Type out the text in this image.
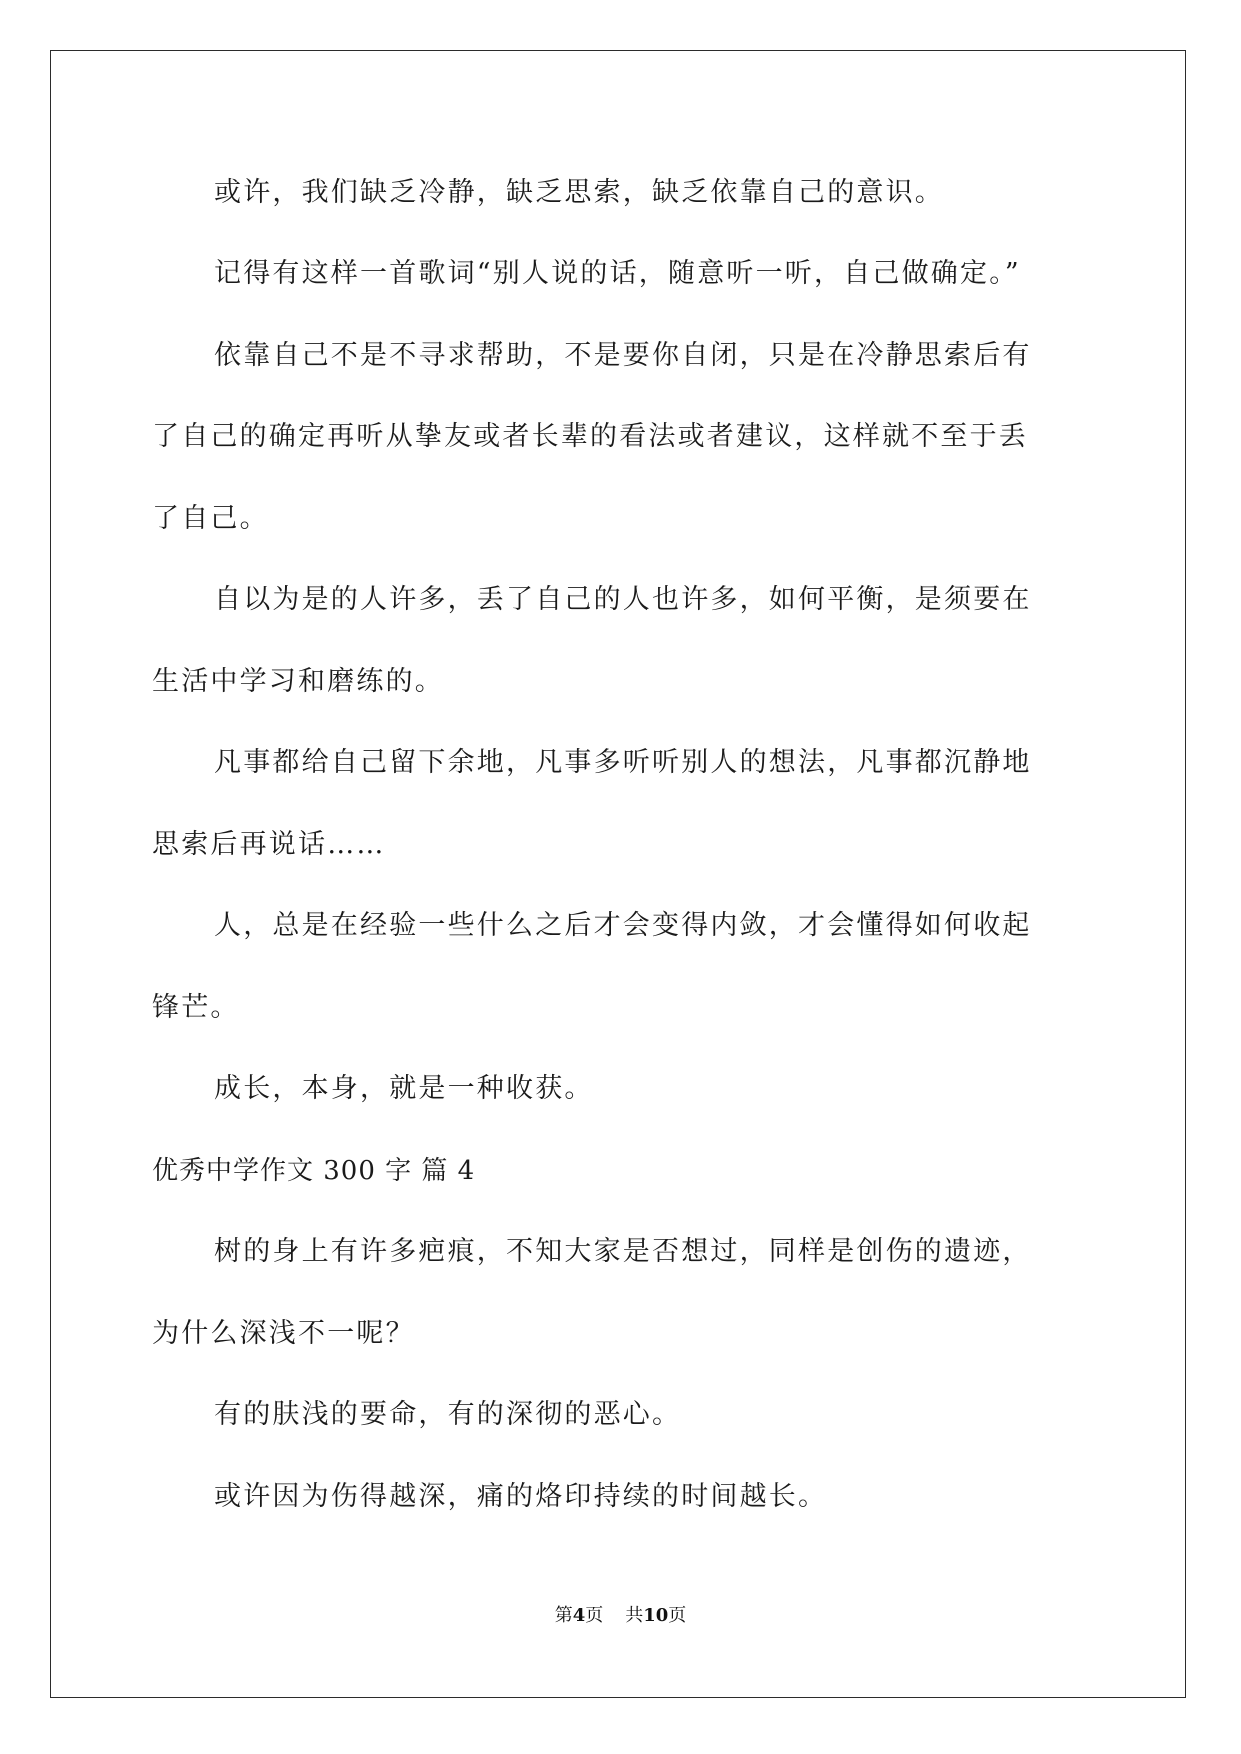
或许，我们缺乏冷静，缺乏思索，缺乏依靠自己的意识。
记得有这样一首歌词“别人说的话，随意听一听，自己做确定。”
依靠自己不是不寻求帮助，不是要你自闭，只是在冷静思索后有
了自己的确定再听从挚友或者长辈的看法或者建议，这样就不至于丢
了自己。
自以为是的人许多，丢了自己的人也许多，如何平衡，是须要在
生活中学习和磨练的。
凡事都给自己留下余地，凡事多听听别人的想法，凡事都沉静地
思索后再说话……
人，总是在经验一些什么之后才会变得内敛，才会懂得如何收起
锋芒。
成长，本身，就是一种收获。
优秀中学作文 300 字 篇 4
树的身上有许多疤痕，不知大家是否想过，同样是创伤的遗迹，
为什么深浅不一呢？
有的肤浅的要命，有的深彻的恶心。
或许因为伤得越深，痛的烙印持续的时间越长。
第4页 共10页
